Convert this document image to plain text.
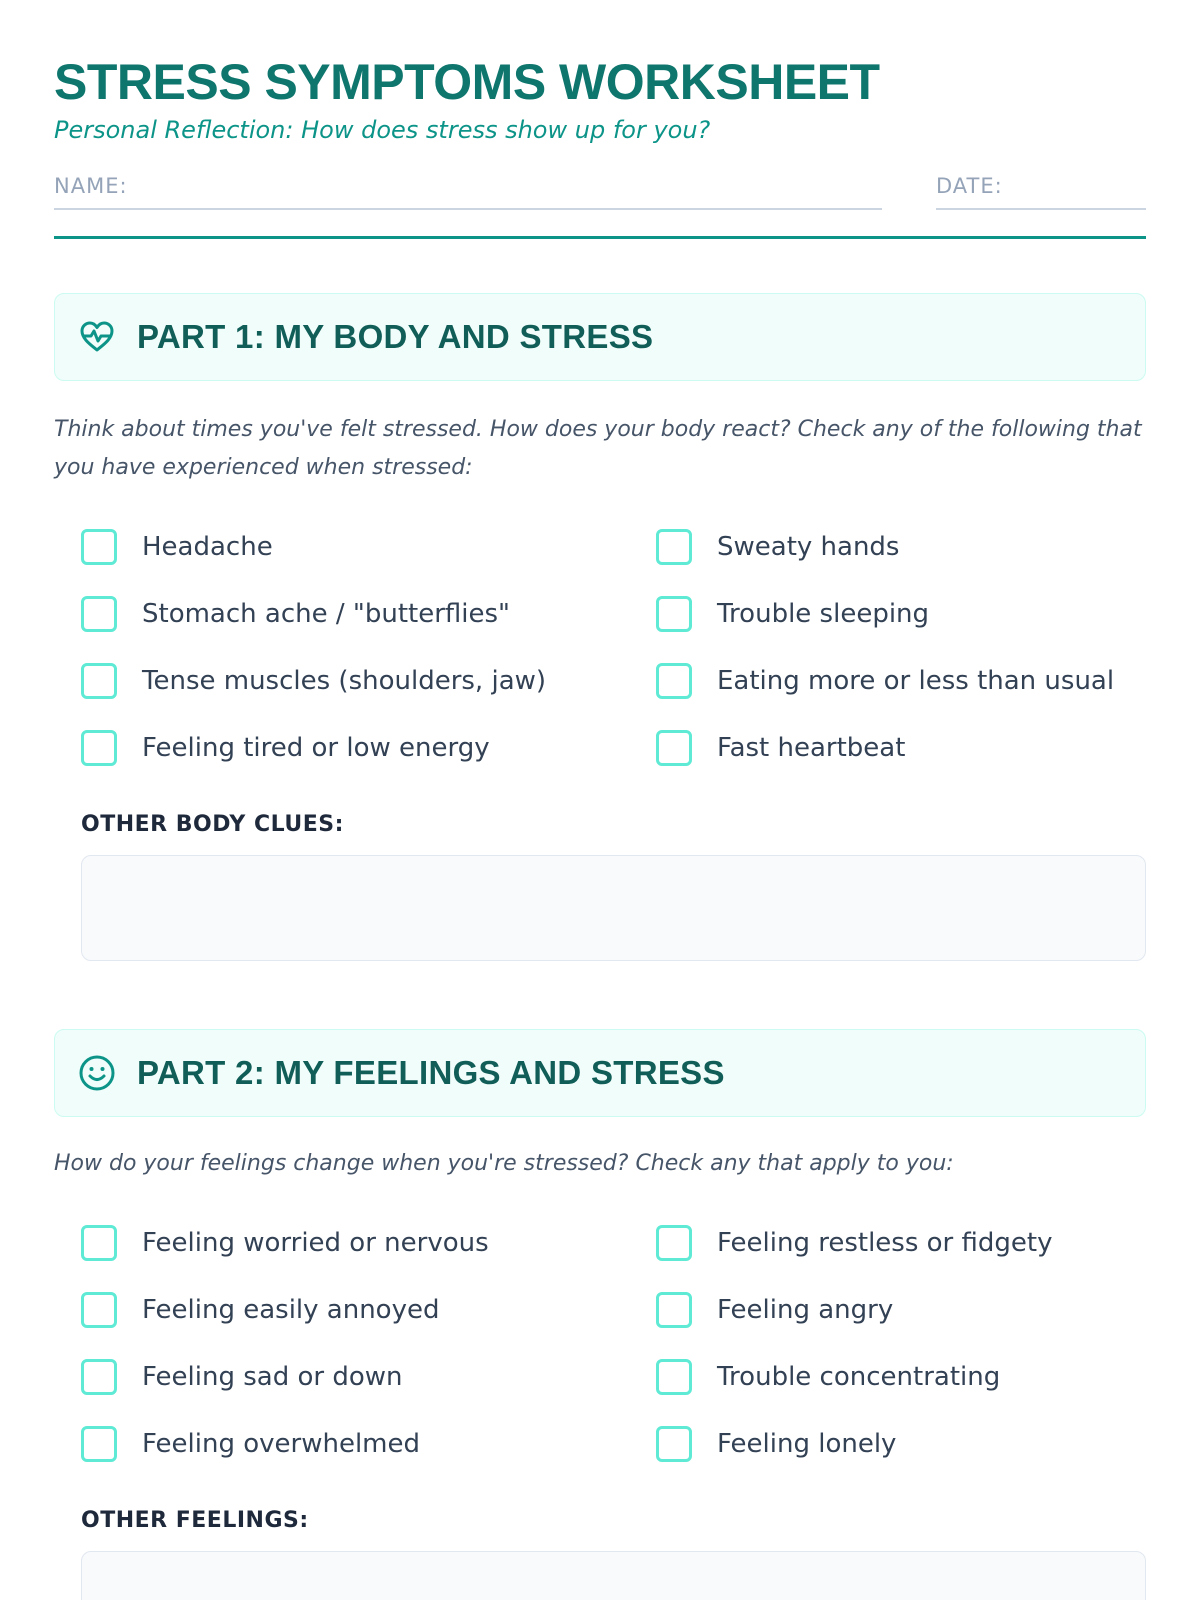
STRESS SYMPTOMS WORKSHEET

Personal Reflection: How does stress show up for you?

NAME:	DATE:
PART 1: MY BODY AND STRESS
Think about times you've felt stressed. How does your body react? Check any of the following that you have experienced when stressed:
Headache	Sweaty hands
Stomach ache / "butterflies"	Trouble sleeping
Tense muscles (shoulders, jaw)	Eating more or less than usual
Feeling tired or low energy	Fast heartbeat
OTHER BODY CLUES:
PART 2: MY FEELINGS AND STRESS
How do your feelings change when you're stressed? Check any that apply to you:
Feeling worried or nervous	Feeling restless or fidgety
Feeling easily annoyed	Feeling angry
Feeling sad or down	Trouble concentrating
Feeling overwhelmed	Feeling lonely
OTHER FEELINGS:
